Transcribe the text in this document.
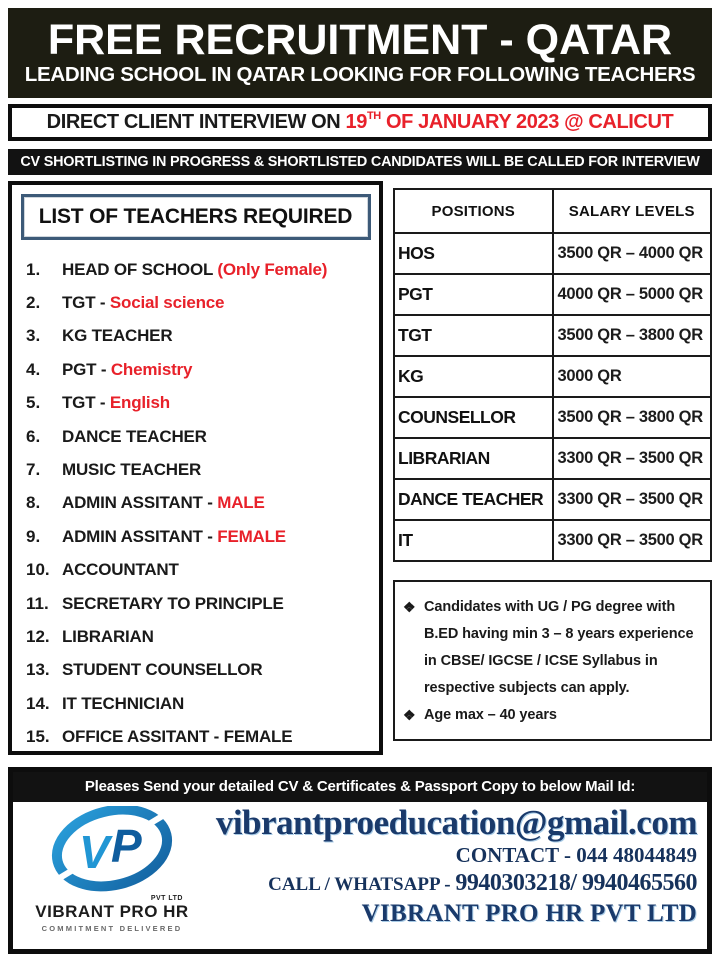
FREE RECRUITMENT - QATAR
LEADING SCHOOL IN QATAR LOOKING FOR FOLLOWING TEACHERS
DIRECT CLIENT INTERVIEW ON 19TH OF JANUARY 2023 @ CALICUT
CV SHORTLISTING IN PROGRESS & SHORTLISTED CANDIDATES WILL BE CALLED FOR INTERVIEW
LIST OF TEACHERS REQUIRED
1.	HEAD OF SCHOOL (Only Female)
2.	TGT - Social science
3.	KG TEACHER
4.	PGT - Chemistry
5.	TGT - English
6.	DANCE TEACHER
7.	MUSIC TEACHER
8.	ADMIN ASSITANT - MALE
9.	ADMIN ASSITANT - FEMALE
10. ACCOUNTANT
11. SECRETARY TO PRINCIPLE
12. LIBRARIAN
13. STUDENT COUNSELLOR
14. IT TECHNICIAN
15. OFFICE ASSITANT - FEMALE
POSITIONS	SALARY LEVELS
HOS	3500 QR – 4000 QR
PGT	4000 QR – 5000 QR
TGT	3500 QR – 3800 QR
KG	3000 QR
COUNSELLOR	3500 QR – 3800 QR
LIBRARIAN	3300 QR – 3500 QR
DANCE TEACHER	3300 QR – 3500 QR
IT	3300 QR – 3500 QR
❖ Candidates with UG / PG degree with B.ED having min 3 – 8 years experience in CBSE/ IGCSE / ICSE Syllabus in respective subjects can apply.
❖ Age max – 40 years
Pleases Send your detailed CV & Certificates & Passport Copy to below Mail Id:
V P
PVT LTD
VIBRANT PRO HR
COMMITMENT DELIVERED
vibrantproeducation@gmail.com
CONTACT - 044 48044849
CALL / WHATSAPP - 9940303218/ 9940465560
VIBRANT PRO HR PVT LTD
